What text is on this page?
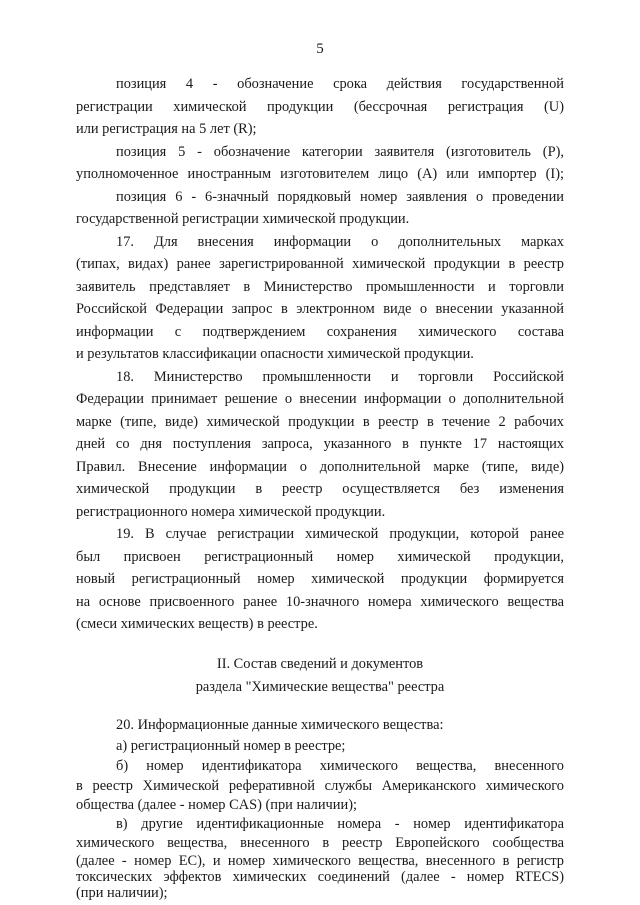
5
позиция 4 - обозначение срока действия государственной
регистрации химической продукции (бессрочная регистрация (U)
или регистрация на 5 лет (R);
позиция 5 - обозначение категории заявителя (изготовитель (P),
уполномоченное иностранным изготовителем лицо (A) или импортер (I);
позиция 6 - 6-значный порядковый номер заявления о проведении
государственной регистрации химической продукции.
17. Для внесения информации о дополнительных марках
(типах, видах) ранее зарегистрированной химической продукции в реестр
заявитель представляет в Министерство промышленности и торговли
Российской Федерации запрос в электронном виде о внесении указанной
информации с подтверждением сохранения химического состава
и результатов классификации опасности химической продукции.
18. Министерство промышленности и торговли Российской
Федерации принимает решение о внесении информации о дополнительной
марке (типе, виде) химической продукции в реестр в течение 2 рабочих
дней со дня поступления запроса, указанного в пункте 17 настоящих
Правил. Внесение информации о дополнительной марке (типе, виде)
химической продукции в реестр осуществляется без изменения
регистрационного номера химической продукции.
19. В случае регистрации химической продукции, которой ранее
был присвоен регистрационный номер химической продукции,
новый регистрационный номер химической продукции формируется
на основе присвоенного ранее 10-значного номера химического вещества
(смеси химических веществ) в реестре.
II. Состав сведений и документов
раздела "Химические вещества" реестра
20. Информационные данные химического вещества:
а) регистрационный номер в реестре;
б) номер идентификатора химического вещества, внесенного
в реестр Химической реферативной службы Американского химического
общества (далее - номер CAS) (при наличии);
в) другие идентификационные номера - номер идентификатора
химического вещества, внесенного в реестр Европейского сообщества
(далее - номер EC), и номер химического вещества, внесенного в регистр
токсических эффектов химических соединений (далее - номер RTECS)
(при наличии);
